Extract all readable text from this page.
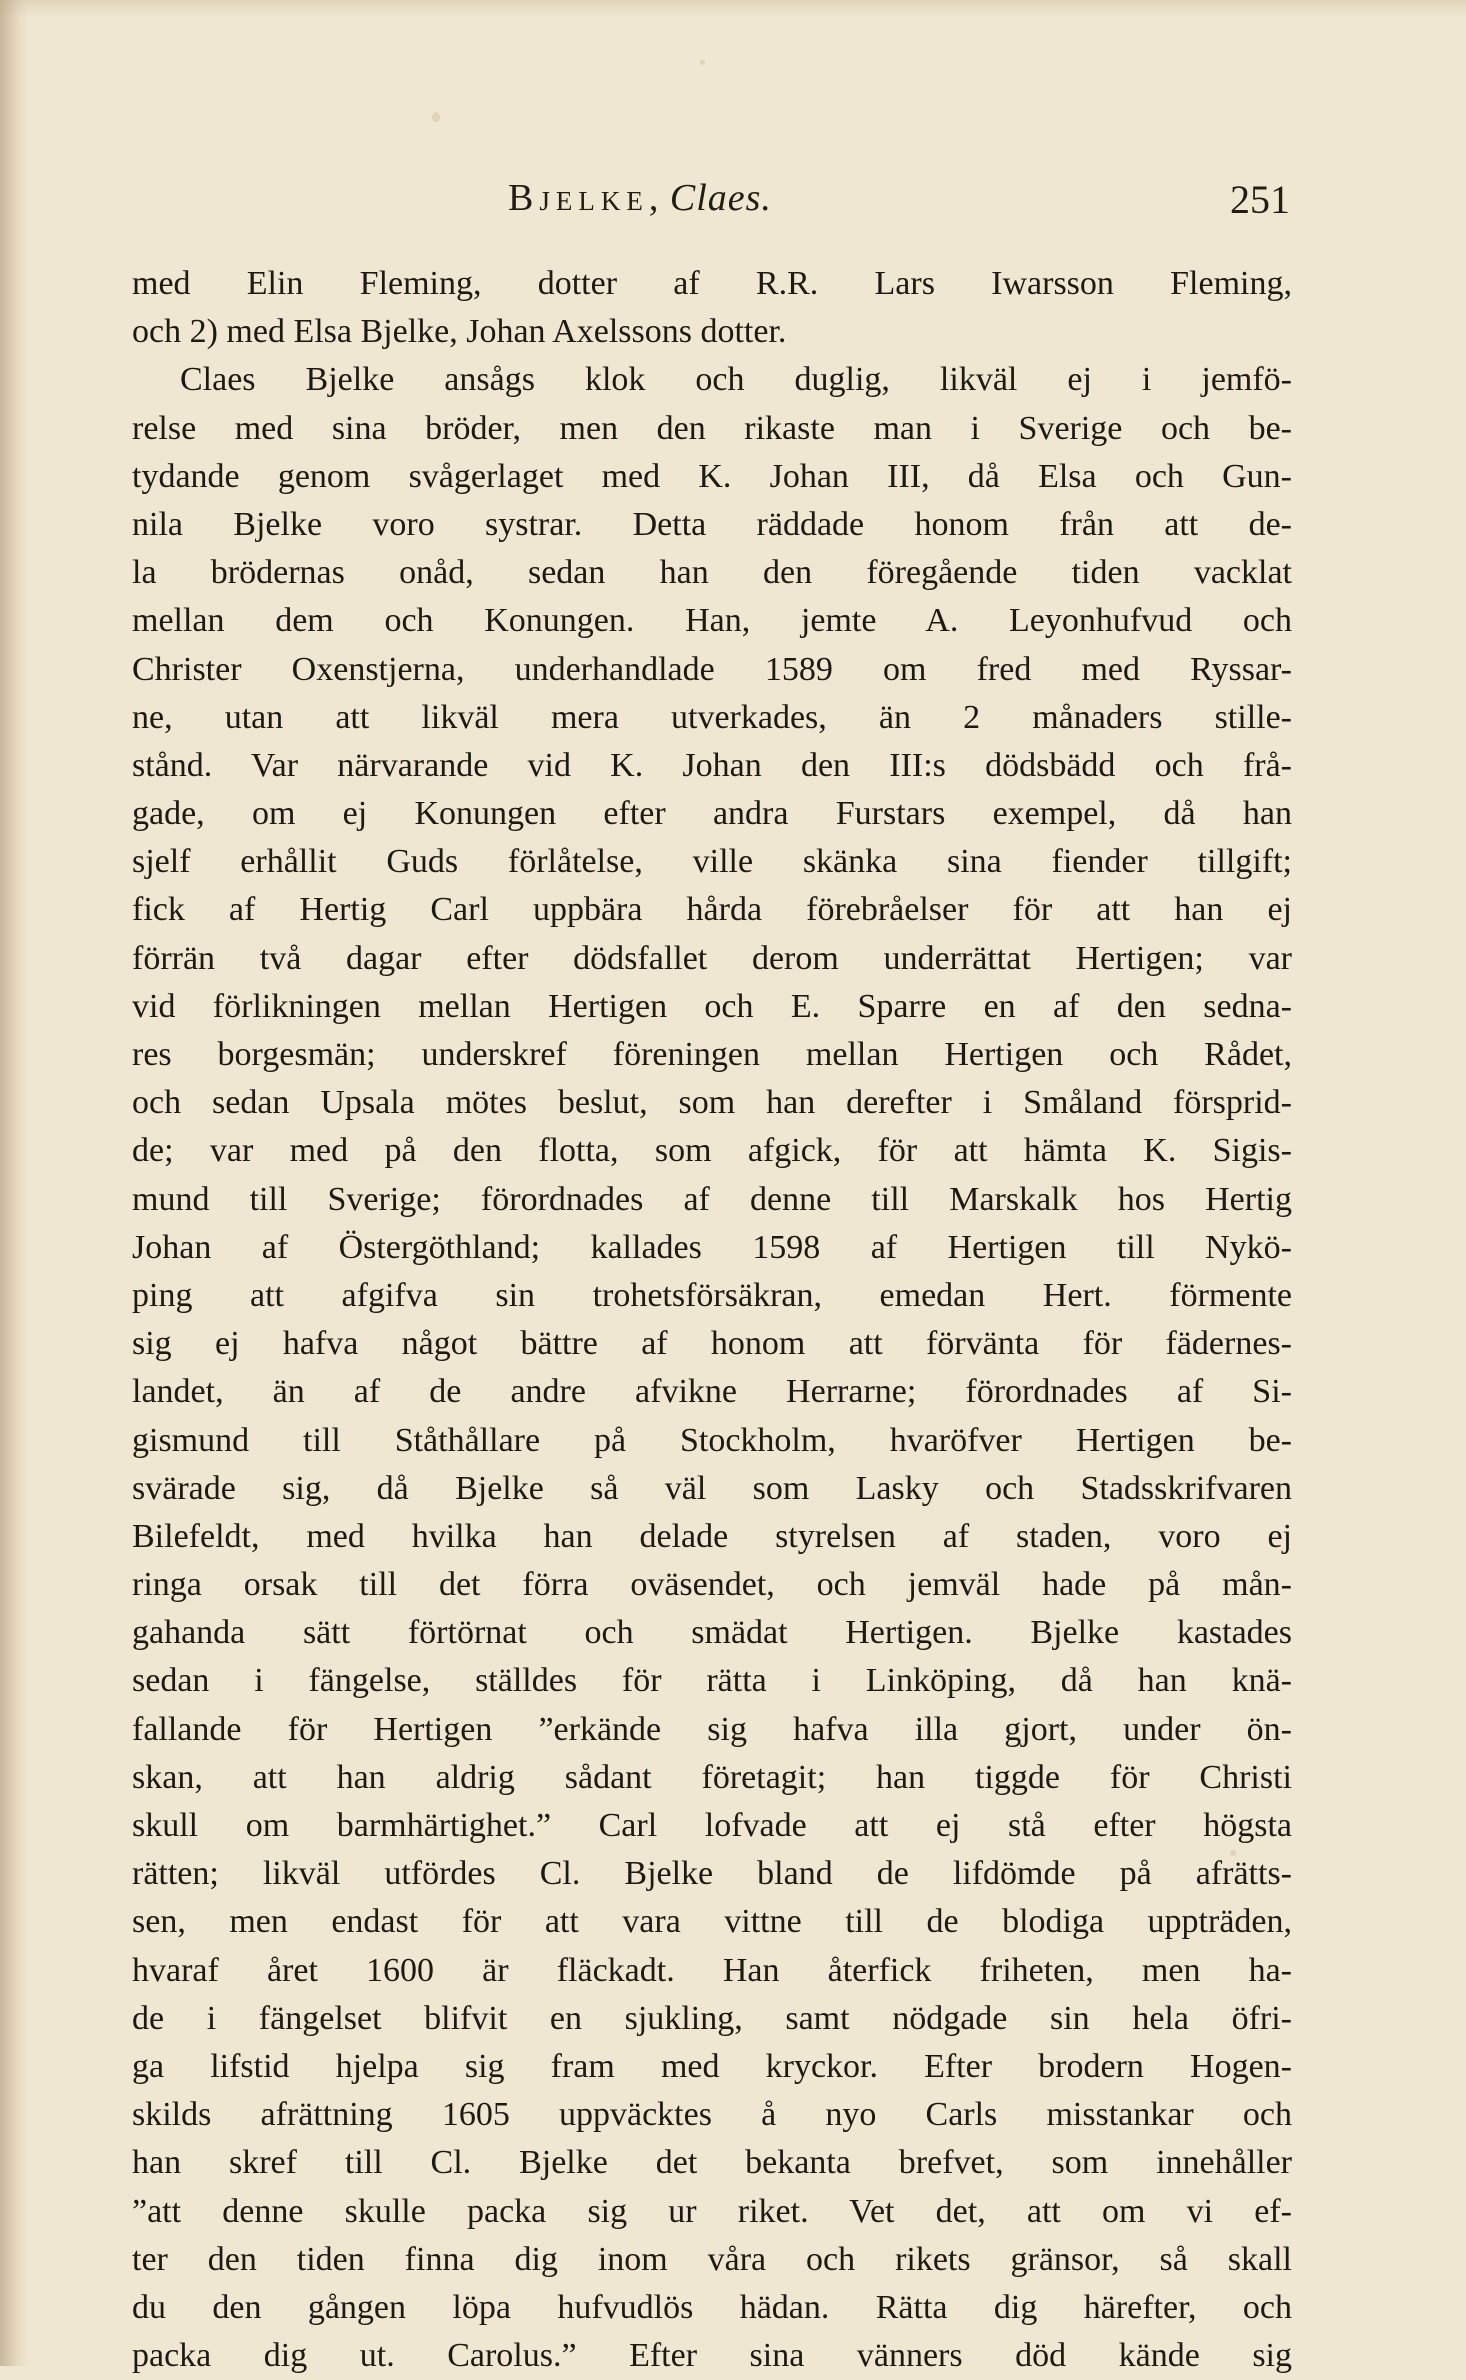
Bjelke, Claes.	251
med Elin Fleming, dotter af R.R. Lars Iwarsson Fleming,
och 2) med Elsa Bjelke, Johan Axelssons dotter.
Claes Bjelke ansågs klok och duglig, likväl ej i jemfö-
relse med sina bröder, men den rikaste man i Sverige och be-
tydande genom svågerlaget med K. Johan III, då Elsa och Gun-
nila Bjelke voro systrar. Detta räddade honom från att de-
la brödernas onåd, sedan han den föregående tiden vacklat
mellan dem och Konungen. Han, jemte A. Leyonhufvud och
Christer Oxenstjerna, underhandlade 1589 om fred med Ryssar-
ne, utan att likväl mera utverkades, än 2 månaders stille-
stånd. Var närvarande vid K. Johan den III:s dödsbädd och frå-
gade, om ej Konungen efter andra Furstars exempel, då han
sjelf erhållit Guds förlåtelse, ville skänka sina fiender tillgift;
fick af Hertig Carl uppbära hårda förebråelser för att han ej
förrän två dagar efter dödsfallet derom underrättat Hertigen; var
vid förlikningen mellan Hertigen och E. Sparre en af den sedna-
res borgesmän; underskref föreningen mellan Hertigen och Rådet,
och sedan Upsala mötes beslut, som han derefter i Småland försprid-
de; var med på den flotta, som afgick, för att hämta K. Sigis-
mund till Sverige; förordnades af denne till Marskalk hos Hertig
Johan af Östergöthland; kallades 1598 af Hertigen till Nykö-
ping att afgifva sin trohetsförsäkran, emedan Hert. förmente
sig ej hafva något bättre af honom att förvänta för fädernes-
landet, än af de andre afvikne Herrarne; förordnades af Si-
gismund till Ståthållare på Stockholm, hvaröfver Hertigen be-
svärade sig, då Bjelke så väl som Lasky och Stadsskrifvaren
Bilefeldt, med hvilka han delade styrelsen af staden, voro ej
ringa orsak till det förra oväsendet, och jemväl hade på mån-
gahanda sätt förtörnat och smädat Hertigen. Bjelke kastades
sedan i fängelse, ställdes för rätta i Linköping, då han knä-
fallande för Hertigen ”erkände sig hafva illa gjort, under ön-
skan, att han aldrig sådant företagit; han tiggde för Christi
skull om barmhärtighet.” Carl lofvade att ej stå efter högsta
rätten; likväl utfördes Cl. Bjelke bland de lifdömde på afrätts-
sen, men endast för att vara vittne till de blodiga uppträden,
hvaraf året 1600 är fläckadt. Han återfick friheten, men ha-
de i fängelset blifvit en sjukling, samt nödgade sin hela öfri-
ga lifstid hjelpa sig fram med kryckor. Efter brodern Hogen-
skilds afrättning 1605 uppväcktes å nyo Carls misstankar och
han skref till Cl. Bjelke det bekanta brefvet, som innehåller
”att denne skulle packa sig ur riket. Vet det, att om vi ef-
ter den tiden finna dig inom våra och rikets gränsor, så skall
du den gången löpa hufvudlös hädan. Rätta dig härefter, och
packa dig ut. Carolus.” Efter sina vänners död kände sig
